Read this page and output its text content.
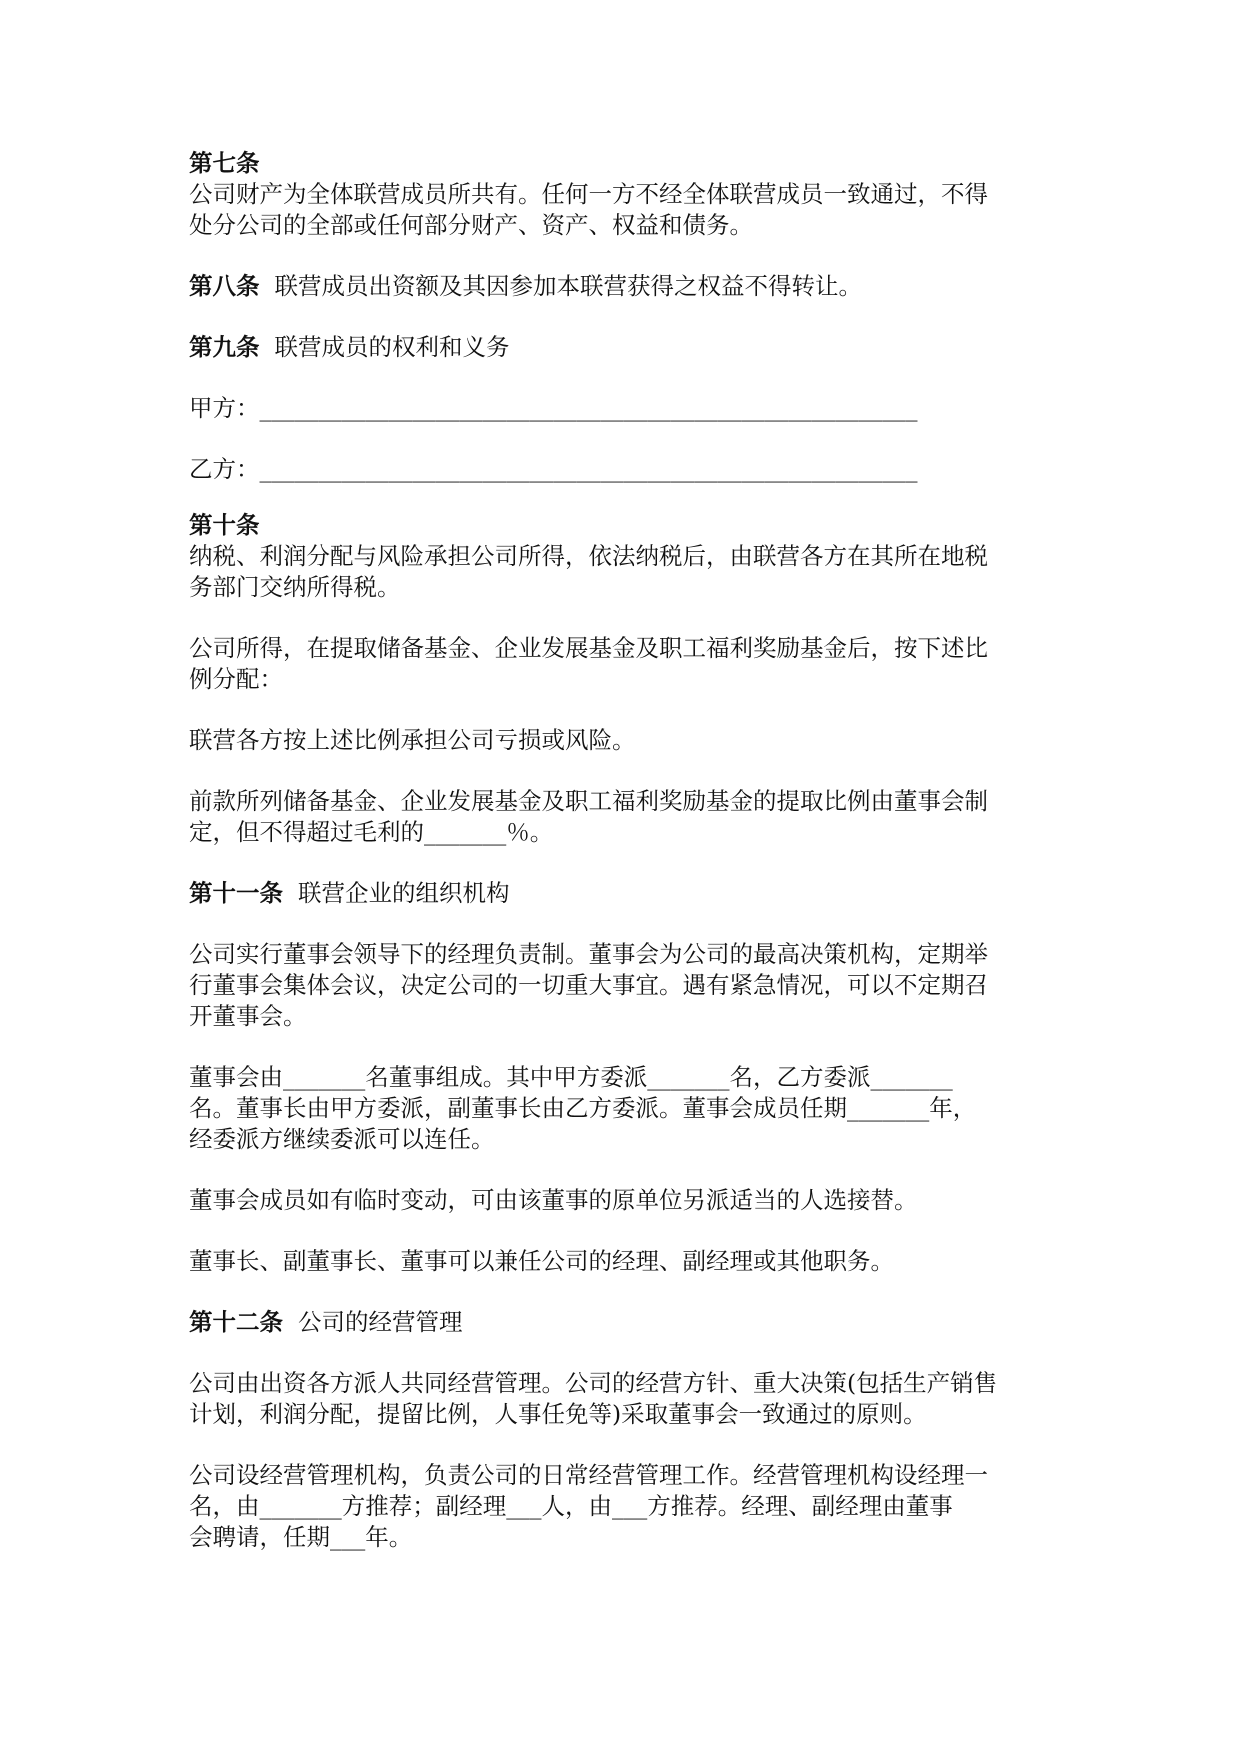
第七条
公司财产为全体联营成员所共有。任何一方不经全体联营成员一致通过，不得
处分公司的全部或任何部分财产、资产、权益和债务。
第八条  联营成员出资额及其因参加本联营获得之权益不得转让。
第九条  联营成员的权利和义务
甲方：________________________________________________________
乙方：________________________________________________________
第十条
纳税、利润分配与风险承担公司所得，依法纳税后，由联营各方在其所在地税
务部门交纳所得税。
公司所得，在提取储备基金、企业发展基金及职工福利奖励基金后，按下述比
例分配：
联营各方按上述比例承担公司亏损或风险。
前款所列储备基金、企业发展基金及职工福利奖励基金的提取比例由董事会制
定，但不得超过毛利的_______％。
第十一条  联营企业的组织机构
公司实行董事会领导下的经理负责制。董事会为公司的最高决策机构，定期举
行董事会集体会议，决定公司的一切重大事宜。遇有紧急情况，可以不定期召
开董事会。
董事会由_______名董事组成。其中甲方委派_______名，乙方委派_______
名。董事长由甲方委派，副董事长由乙方委派。董事会成员任期_______年，
经委派方继续委派可以连任。
董事会成员如有临时变动，可由该董事的原单位另派适当的人选接替。
董事长、副董事长、董事可以兼任公司的经理、副经理或其他职务。
第十二条  公司的经营管理
公司由出资各方派人共同经营管理。公司的经营方针、重大决策(包括生产销售
计划，利润分配，提留比例，人事任免等)采取董事会一致通过的原则。
公司设经营管理机构，负责公司的日常经营管理工作。经营管理机构设经理一
名，由_______方推荐；副经理___人，由___方推荐。经理、副经理由董事
会聘请，任期___年。
